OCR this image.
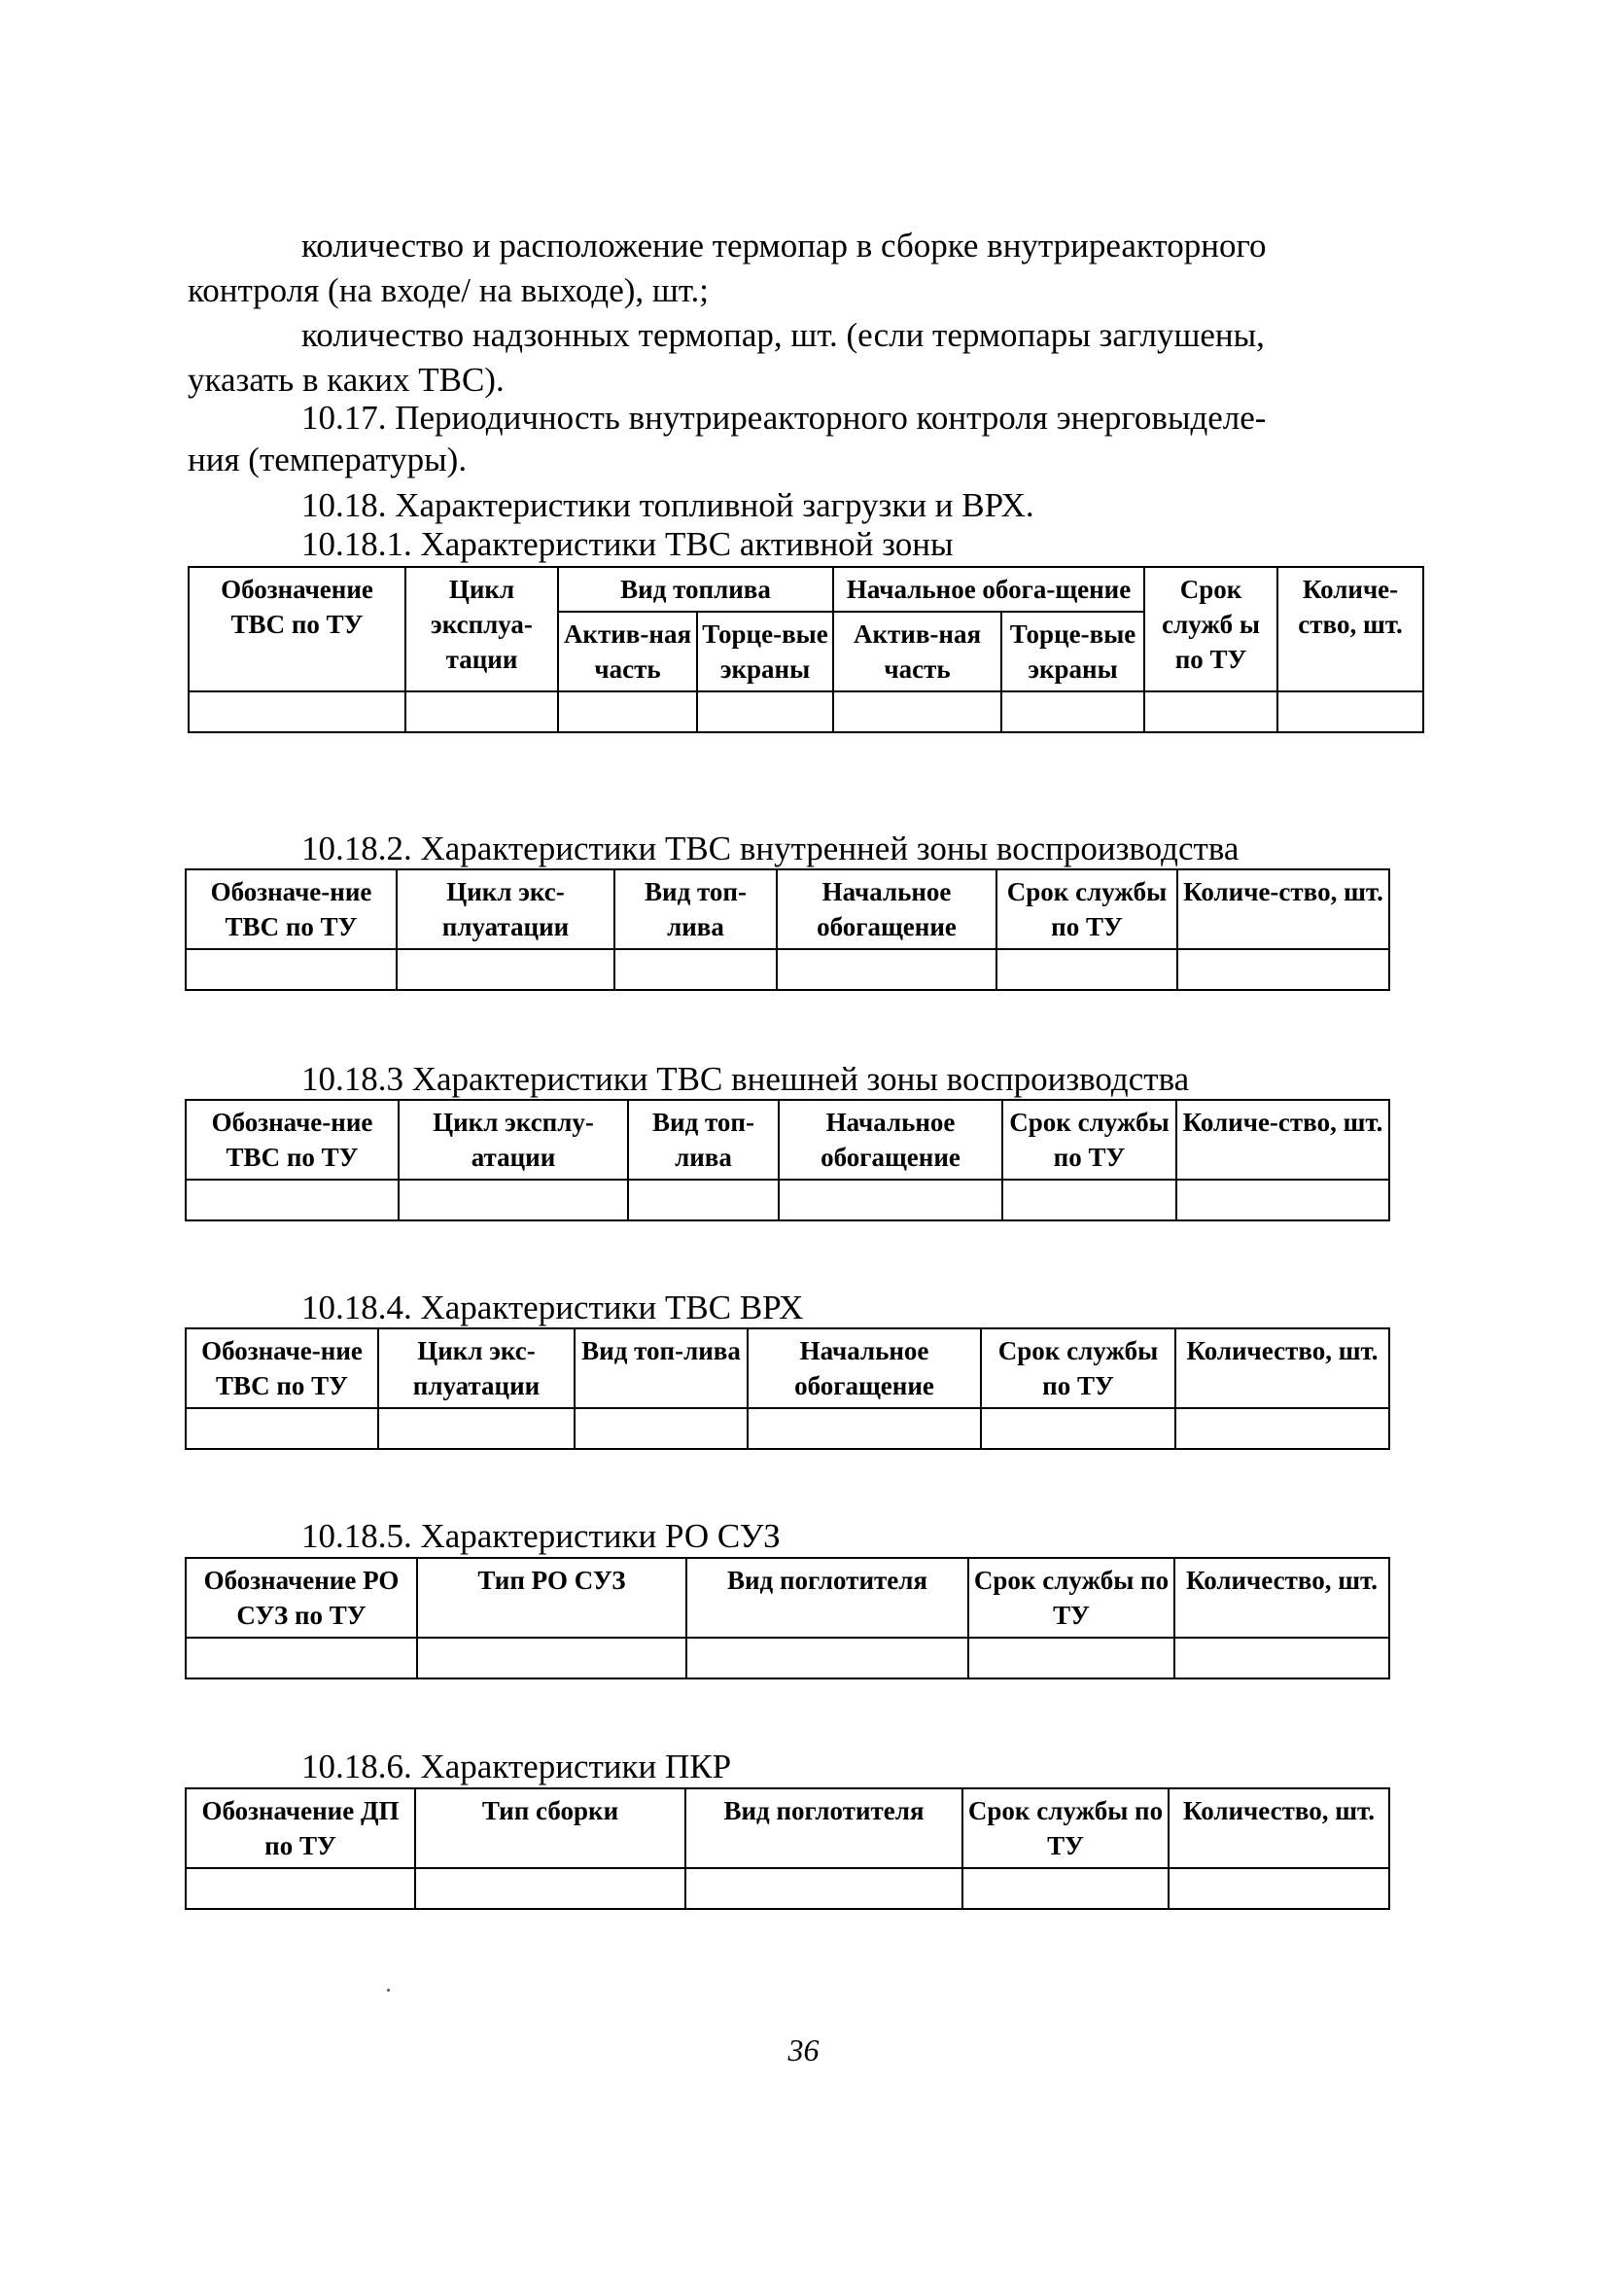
количество и расположение термопар в сборке внутриреакторного
контроля (на входе/ на выходе), шт.;
количество надзонных термопар, шт. (если термопары заглушены,
указать в каких ТВС).
10.17. Периодичность внутриреакторного контроля энерговыделе-
ния (температуры).
10.18. Характеристики топливной загрузки и ВРХ.
10.18.1. Характеристики ТВС активной зоны
Обозначение ТВС по ТУ	Цикл эксплуа-тации	Вид топлива		Начальное обога-щение		Срок служб ы по ТУ	Количе-ство, шт.
		Актив-ная часть	Торце-вые экраны	Актив-ная часть	Торце-вые экраны		

10.18.2. Характеристики ТВС внутренней зоны воспроизводства
Обозначе-ние ТВС по ТУ	Цикл экс-плуатации	Вид топ-лива	Начальное обогащение	Срок службы по ТУ	Количе-ство, шт.

10.18.3 Характеристики ТВС внешней зоны воспроизводства
Обозначе-ние ТВС по ТУ	Цикл эксплу-атации	Вид топ-лива	Начальное обогащение	Срок службы по ТУ	Количе-ство, шт.

10.18.4. Характеристики ТВС ВРХ
Обозначе-ние ТВС по ТУ	Цикл экс-плуатации	Вид топ-лива	Начальное обогащение	Срок службы по ТУ	Количество, шт.

10.18.5. Характеристики РО СУЗ
Обозначение РО СУЗ по ТУ	Тип РО СУЗ	Вид поглотителя	Срок службы по ТУ	Количество, шт.

10.18.6. Характеристики ПКР
Обозначение ДП по ТУ	Тип сборки	Вид поглотителя	Срок службы по ТУ	Количество, шт.

36
